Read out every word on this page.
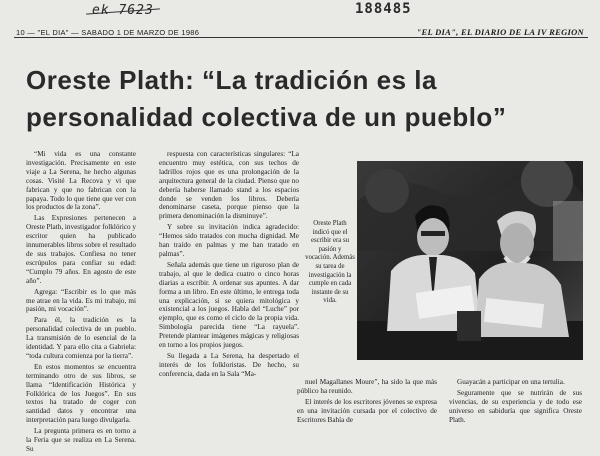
ek 7623	188485
10 — "EL DIA" — SABADO 1 DE MARZO DE 1986	"EL DIA", EL DIARIO DE LA IV REGION
Oreste Plath: “La tradición es la
personalidad colectiva de un pueblo”

“Mi vida es una constante investigación. Precisamente en este viaje a La Serena, he hecho algunas cosas. Visité La Recova y vi que fabrican y que no fabrican con la papaya. Todo lo que tiene que ver con los productos de la zona”.

Las Expresiones pertenecen a Oreste Plath, investigador folklórico y escritor quien ha publicado innumerables libros sobre el resultado de sus trabajos. Confiesa no tener escrúpulos para confiar su edad: “Cumplo 79 años. En agosto de este año”.

Agrega: “Escribir es lo que más me atrae en la vida. Es mi trabajo, mi pasión, mi vocación”.

Para él, la tradición es la personalidad colectiva de un pueblo. La transmisión de lo esencial de la identidad. Y para ello cita a Gabriela: “toda cultura comienza por la tierra”.

En estos momentos se encuentra terminando otro de sus libros, se llama “Identificación Histórica y Folklórica de los Juegos”. En sus textos ha tratado de coger con santidad datos y encontrar una interpretación para luego divulgarla.

La pregunta primera es en torno a la Feria que se realiza en La Serena. Su

respuesta con características singulares: “La encuentro muy estética, con sus techos de ladrillos rojos que es una prolongación de la arquitectura general de la ciudad. Pienso que no debería haberse llamado stand a los espacios donde se venden los libros. Debería denominarse caseta, porque pienso que la primera denominación la disminuye”.

Y sobre su invitación indica agradecido: “Hemos sido tratados con mucha dignidad. Me han traído en palmas y me han tratado en palmas”.

Señala además que tiene un riguroso plan de trabajo, al que le dedica cuatro o cinco horas diarias a escribir. A ordenar sus apuntes. A dar forma a un libro. En este último, le entrega toda una explicación, si se quiera mitológica y existencial a los juegos. Habla del “Luche” por ejemplo, que es como el ciclo de la propia vida. Simbología parecida tiene “La rayuela”. Pretende plantear imágenes mágicas y religiosas en torno a los propios juegos.

Su llegada a La Serena, ha despertado el interés de los folkloristas. De hecho, su conferencia, dada en la Sala “Ma-

Oreste Plath indicó que el escribir era su pasión y vocación. Además su tarea de investigación la cumple en cada instante de su vida.

nuel Magallanes Moure”, ha sido la que más público ha reunido.

El interés de los escritores jóvenes se expresa en una invitación cursada por el colectivo de Escritores Bahía de

Guayacán a participar en una tertulia.

Seguramente que se nutrirán de sus vivencias, de su experiencia y de todo ese universo en sabiduría que significa Oreste Plath.
